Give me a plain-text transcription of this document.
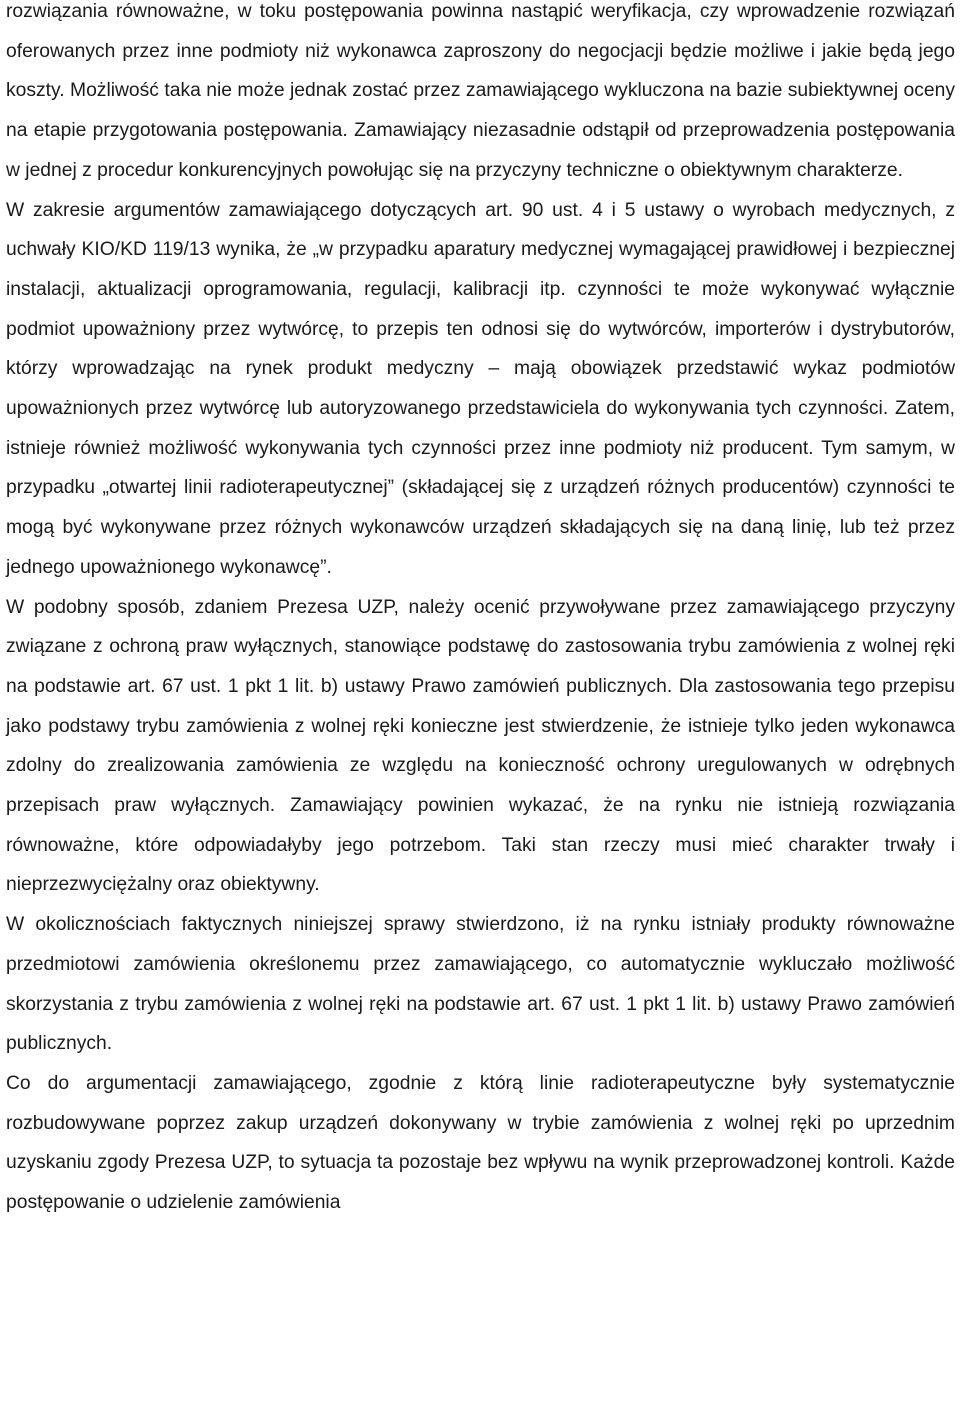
rozwiązania równoważne, w toku postępowania powinna nastąpić weryfikacja, czy wprowadzenie rozwiązań oferowanych przez inne podmioty niż wykonawca zaproszony do negocjacji będzie możliwe i jakie będą jego koszty. Możliwość taka nie może jednak zostać przez zamawiającego wykluczona na bazie subiektywnej oceny na etapie przygotowania postępowania. Zamawiający niezasadnie odstąpił od przeprowadzenia postępowania w jednej z procedur konkurencyjnych powołując się na przyczyny techniczne o obiektywnym charakterze.

W zakresie argumentów zamawiającego dotyczących art. 90 ust. 4 i 5 ustawy o wyrobach medycznych, z uchwały KIO/KD 119/13 wynika, że „w przypadku aparatury medycznej wymagającej prawidłowej i bezpiecznej instalacji, aktualizacji oprogramowania, regulacji, kalibracji itp. czynności te może wykonywać wyłącznie podmiot upoważniony przez wytwórcę, to przepis ten odnosi się do wytwórców, importerów i dystrybutorów, którzy wprowadzając na rynek produkt medyczny – mają obowiązek przedstawić wykaz podmiotów upoważnionych przez wytwórcę lub autoryzowanego przedstawiciela do wykonywania tych czynności. Zatem, istnieje również możliwość wykonywania tych czynności przez inne podmioty niż producent. Tym samym, w przypadku „otwartej linii radioterapeutycznej” (składającej się z urządzeń różnych producentów) czynności te mogą być wykonywane przez różnych wykonawców urządzeń składających się na daną linię, lub też przez jednego upoważnionego wykonawcę”.

W podobny sposób, zdaniem Prezesa UZP, należy ocenić przywoływane przez zamawiającego przyczyny związane z ochroną praw wyłącznych, stanowiące podstawę do zastosowania trybu zamówienia z wolnej ręki na podstawie art. 67 ust. 1 pkt 1 lit. b) ustawy Prawo zamówień publicznych. Dla zastosowania tego przepisu jako podstawy trybu zamówienia z wolnej ręki konieczne jest stwierdzenie, że istnieje tylko jeden wykonawca zdolny do zrealizowania zamówienia ze względu na konieczność ochrony uregulowanych w odrębnych przepisach praw wyłącznych. Zamawiający powinien wykazać, że na rynku nie istnieją rozwiązania równoważne, które odpowiadałyby jego potrzebom. Taki stan rzeczy musi mieć charakter trwały i nieprzezwyciężalny oraz obiektywny.

W okolicznościach faktycznych niniejszej sprawy stwierdzono, iż na rynku istniały produkty równoważne przedmiotowi zamówienia określonemu przez zamawiającego, co automatycznie wykluczało możliwość skorzystania z trybu zamówienia z wolnej ręki na podstawie art. 67 ust. 1 pkt 1 lit. b) ustawy Prawo zamówień publicznych.

Co do argumentacji zamawiającego, zgodnie z którą linie radioterapeutyczne były systematycznie rozbudowywane poprzez zakup urządzeń dokonywany w trybie zamówienia z wolnej ręki po uprzednim uzyskaniu zgody Prezesa UZP, to sytuacja ta pozostaje bez wpływu na wynik przeprowadzonej kontroli. Każde postępowanie o udzielenie zamówienia
